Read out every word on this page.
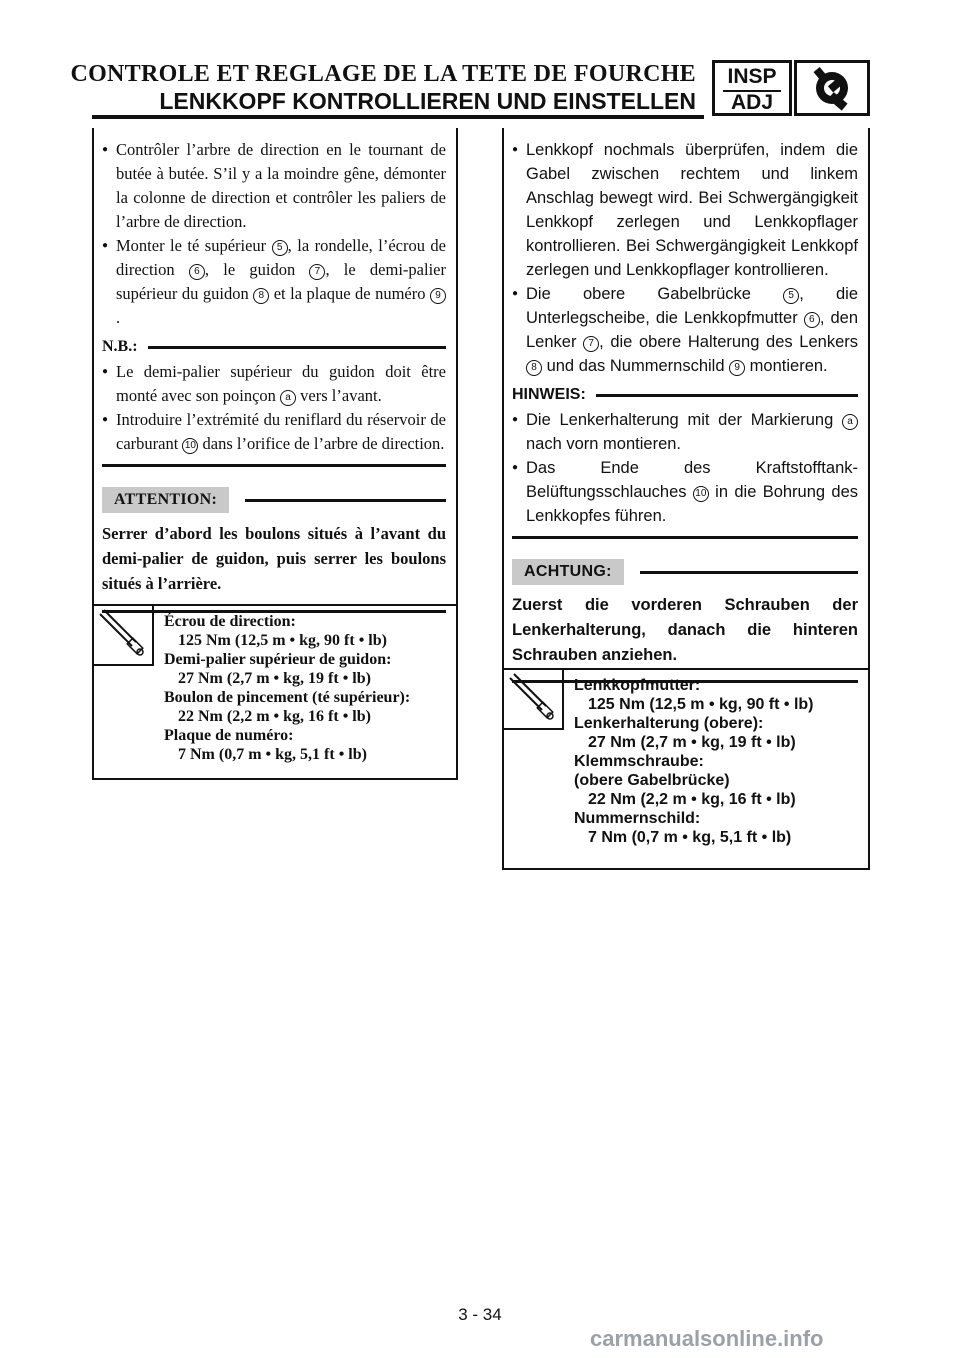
CONTROLE ET REGLAGE DE LA TETE DE FOURCHE
LENKKOPF KONTROLLIEREN UND EINSTELLEN
INSP
ADJ
● Contrôler l’arbre de direction en le tournant de butée à butée. S’il y a la moindre gêne, démonter la colonne de direction et contrôler les paliers de l’arbre de direction.
● Monter le té supérieur 5 , la rondelle, l’écrou de direction 6 , le guidon 7 , le demi-palier supérieur du guidon 8 et la plaque de numéro 9.
N.B.:
● Le demi-palier supérieur du guidon doit être monté avec son poinçon a vers l’avant.
● Introduire l’extrémité du reniflard du réservoir de carburant 10 dans l’orifice de l’arbre de direction.
ATTENTION:
Serrer d’abord les boulons situés à l’avant du demi-palier de guidon, puis serrer les boulons situés à l’arrière.
Écrou de direction:
125 Nm (12,5 m • kg, 90 ft • lb)
Demi-palier supérieur de guidon:
27 Nm (2,7 m • kg, 19 ft • lb)
Boulon de pincement (té supérieur):
22 Nm (2,2 m • kg, 16 ft • lb)
Plaque de numéro:
7 Nm (0,7 m • kg, 5,1 ft • lb)
● Lenkkopf nochmals überprüfen, indem die Gabel zwischen rechtem und linkem Anschlag bewegt wird. Bei Schwergängigkeit Lenkkopf zerlegen und Lenkkopflager kontrollieren. Bei Schwergängigkeit Lenkkopf zerlegen und Lenkkopflager kontrollieren.
● Die obere Gabelbrücke 5 , die Unterlegscheibe, die Lenkkopfmutter 6 , den Lenker 7 , die obere Halterung des Lenkers 8 und das Nummernschild 9 montieren.
HINWEIS:
● Die Lenkerhalterung mit der Markierung a nach vorn montieren.
● Das Ende des Kraftstofftank-Belüftungsschlauches 10 in die Bohrung des Lenkkopfes führen.
ACHTUNG:
Zuerst die vorderen Schrauben der Lenkerhalterung, danach die hinteren Schrauben anziehen.
Lenkkopfmutter:
125 Nm (12,5 m • kg, 90 ft • lb)
Lenkerhalterung (obere):
27 Nm (2,7 m • kg, 19 ft • lb)
Klemmschraube:
(obere Gabelbrücke)
22 Nm (2,2 m • kg, 16 ft • lb)
Nummernschild:
7 Nm (0,7 m • kg, 5,1 ft • lb)
3 - 34
carmanualsonline.info
